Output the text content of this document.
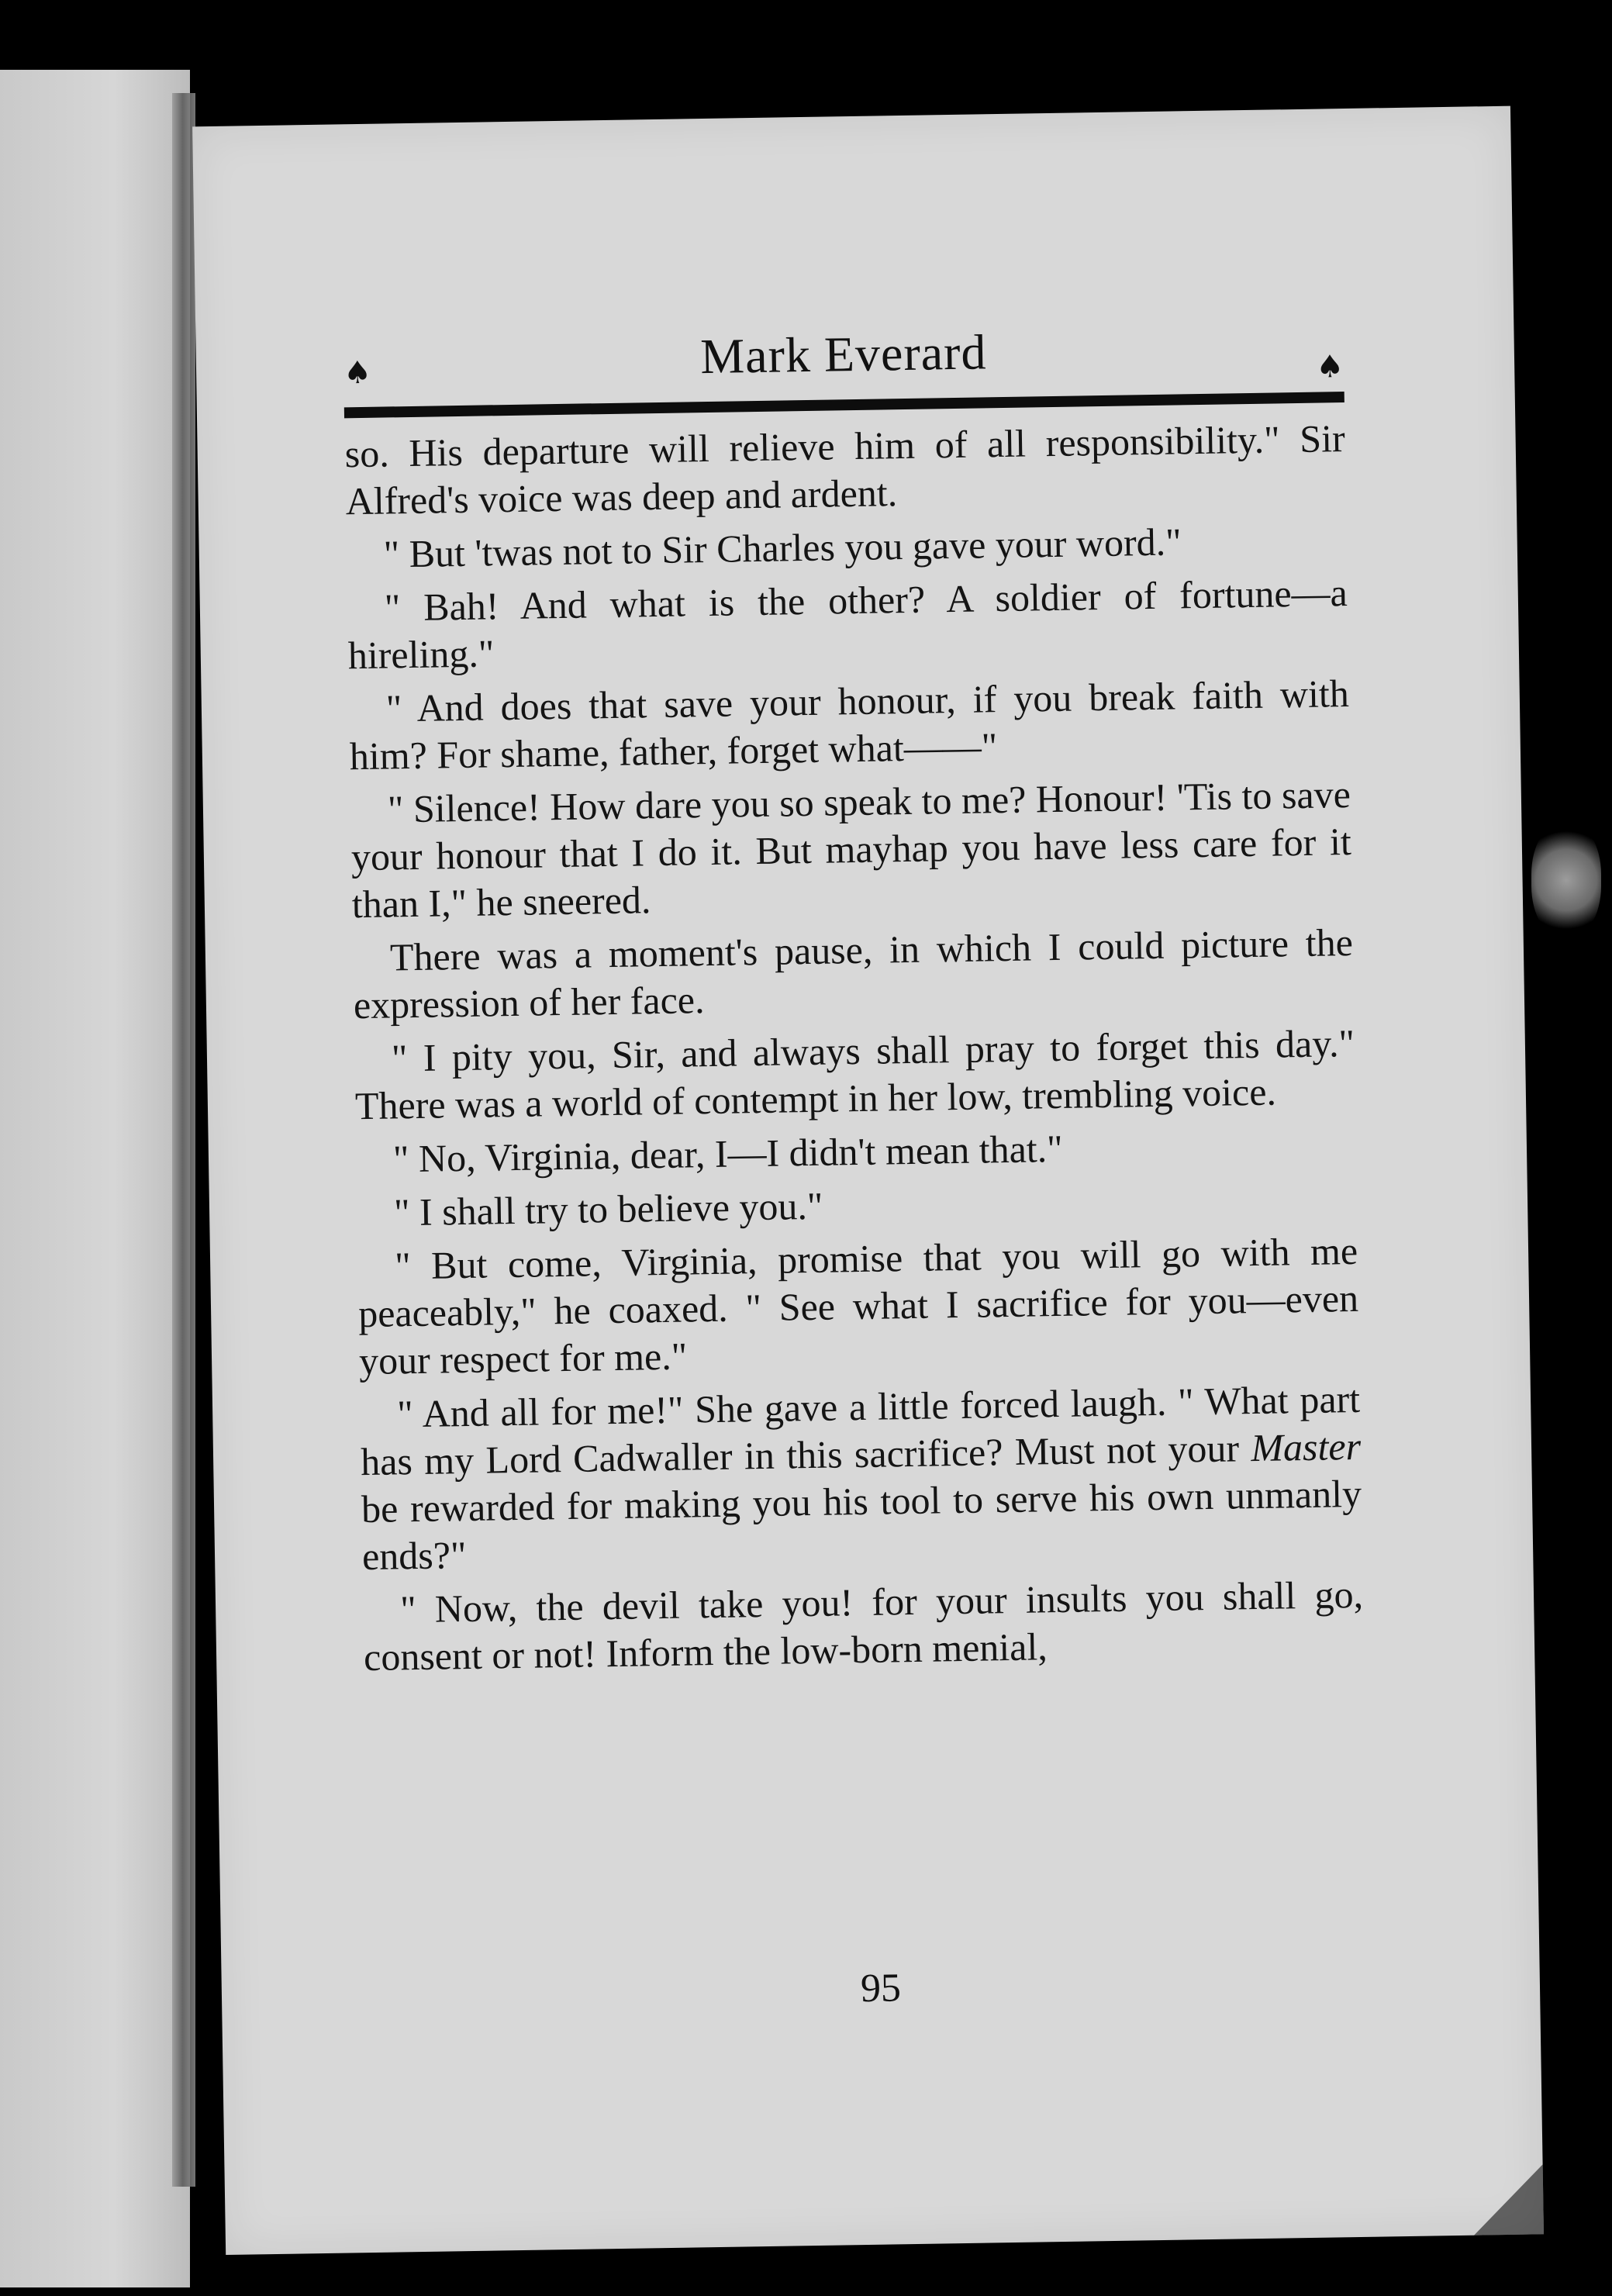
♠	Mark Everard	♠

so. His departure will relieve him of all responsibility." Sir Alfred's voice was deep and ardent.

" But 'twas not to Sir Charles you gave your word."

" Bah! And what is the other? A soldier of fortune—a hireling."

" And does that save your honour, if you break faith with him? For shame, father, forget what——"

" Silence! How dare you so speak to me? Honour! 'Tis to save your honour that I do it. But mayhap you have less care for it than I," he sneered.

There was a moment's pause, in which I could picture the expression of her face.

" I pity you, Sir, and always shall pray to forget this day." There was a world of contempt in her low, trembling voice.

" No, Virginia, dear, I—I didn't mean that."

" I shall try to believe you."

" But come, Virginia, promise that you will go with me peaceably," he coaxed. " See what I sacrifice for you—even your respect for me."

" And all for me!" She gave a little forced laugh. " What part has my Lord Cadwaller in this sacrifice? Must not your Master be rewarded for making you his tool to serve his own unmanly ends?"

" Now, the devil take you! for your insults you shall go, consent or not! Inform the low-born menial,

95
